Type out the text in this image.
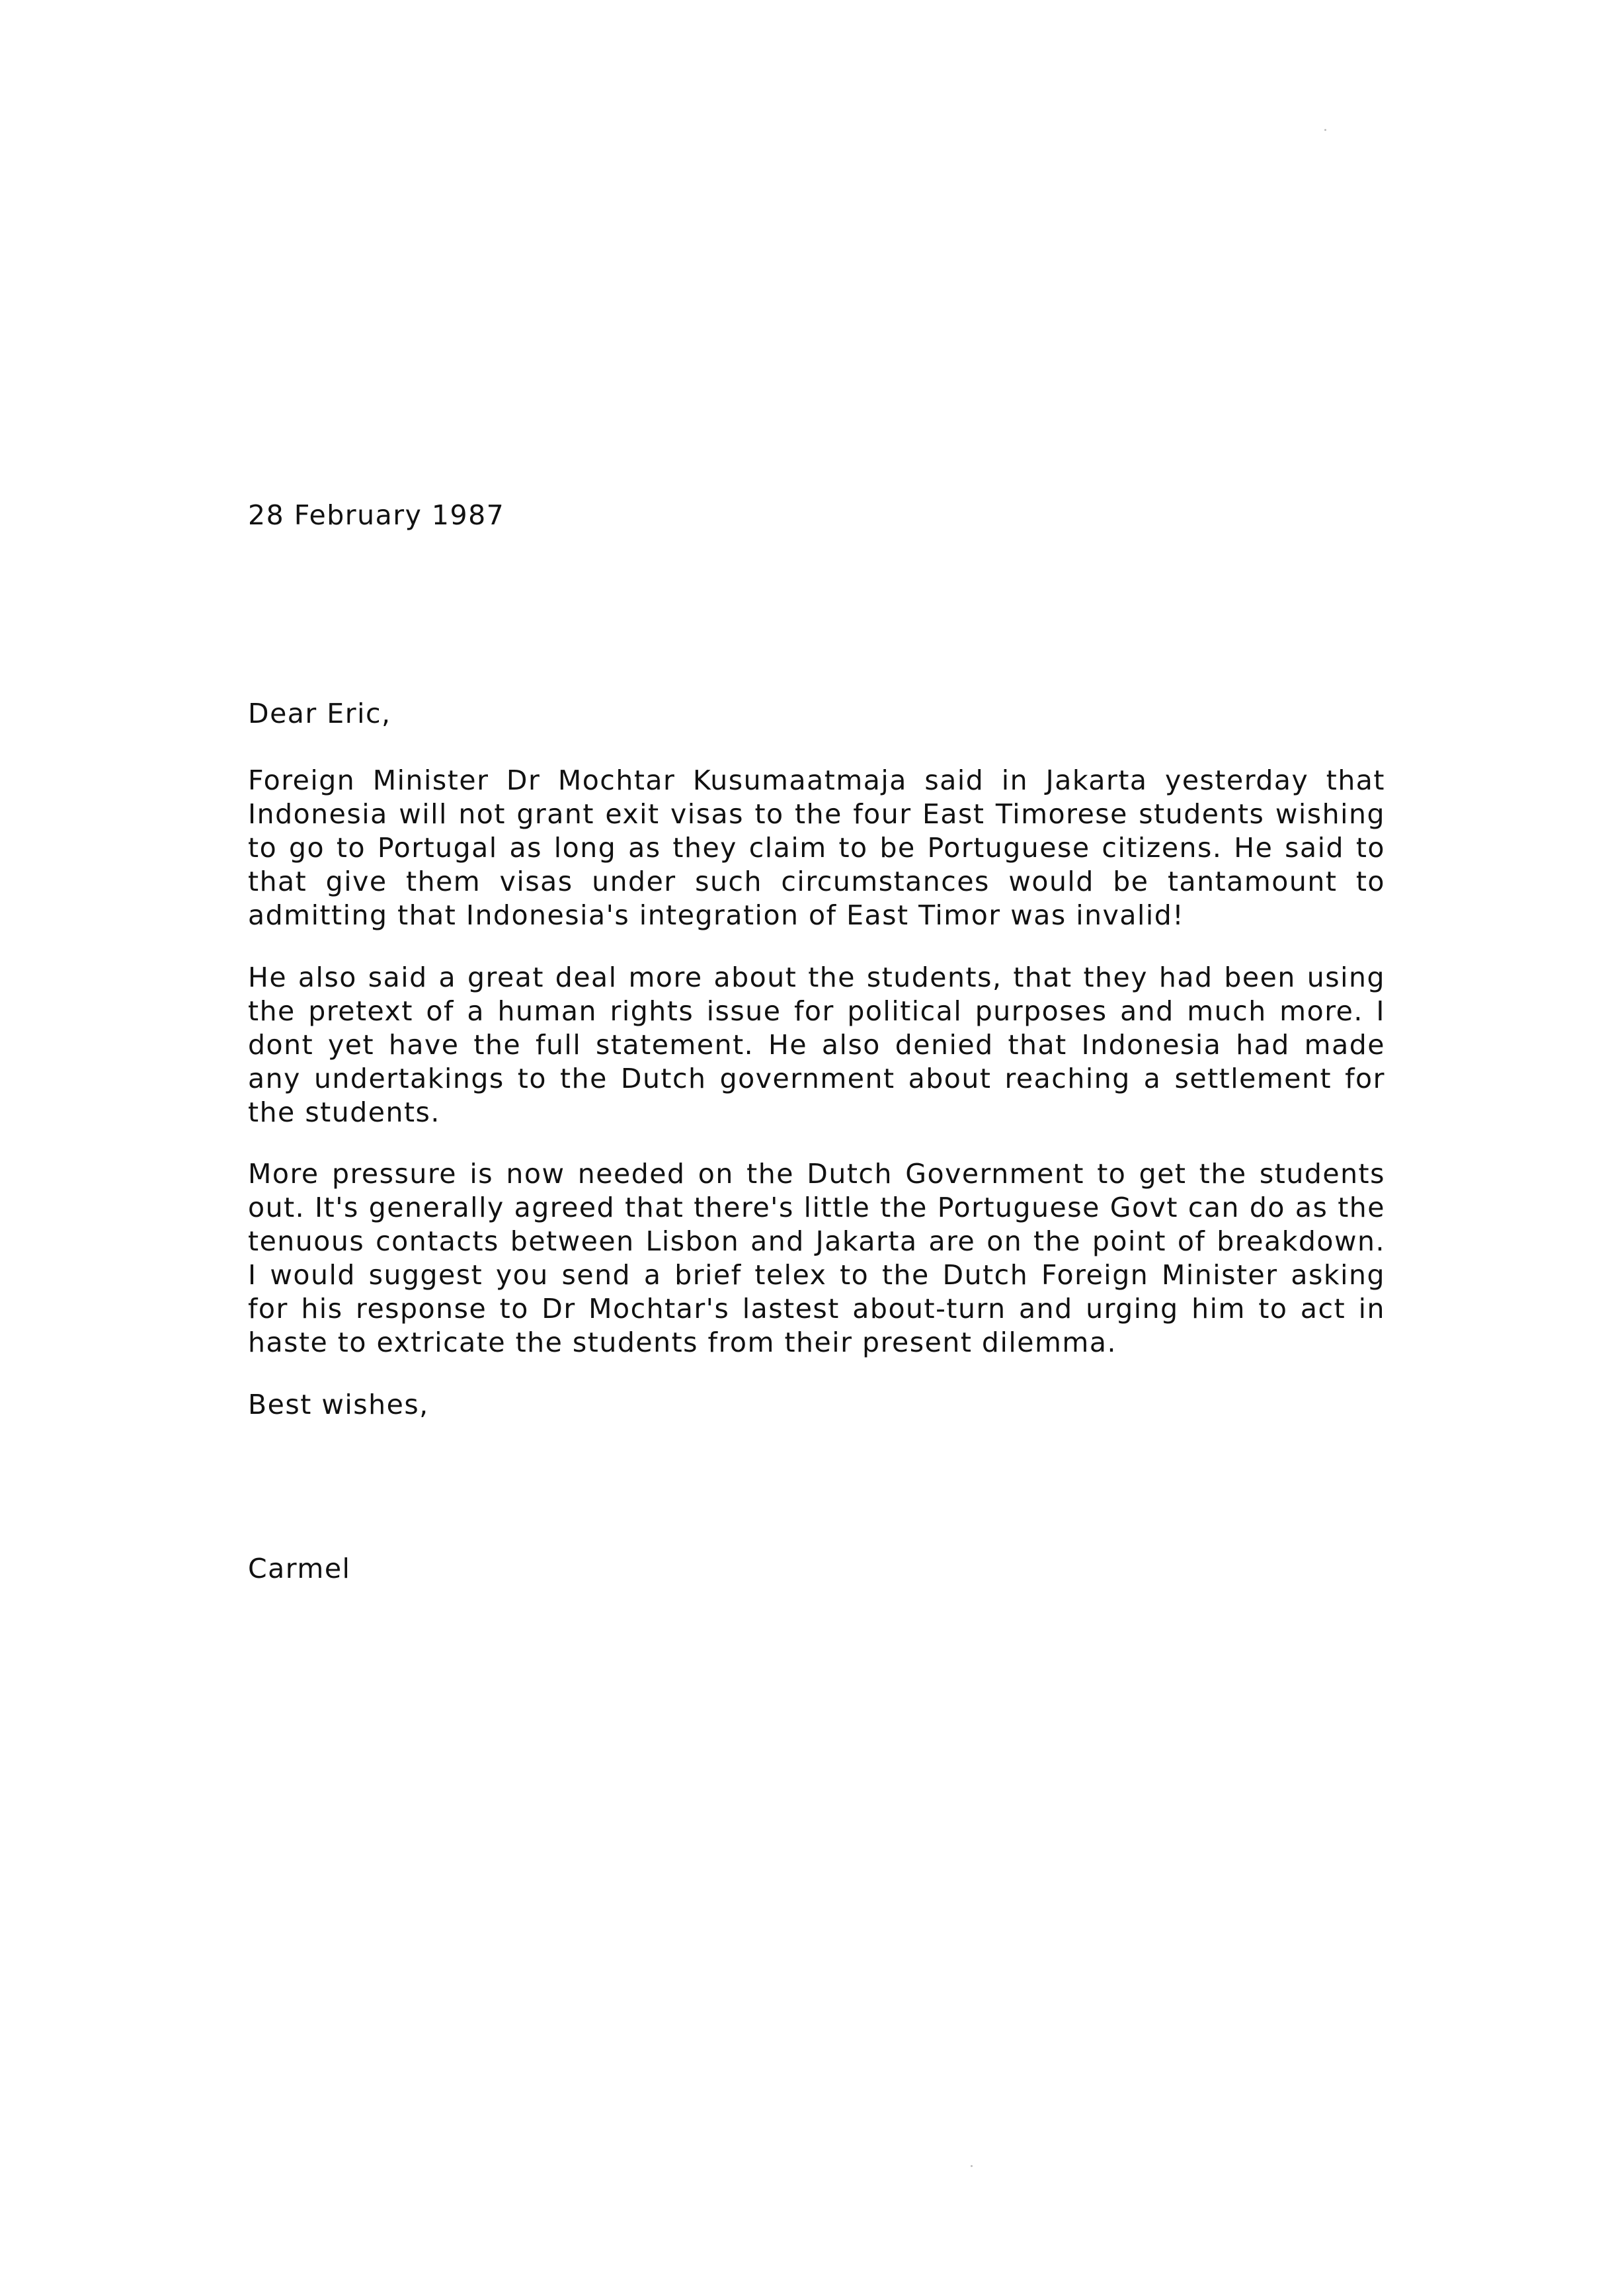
28 February 1987
Dear Eric,

Foreign Minister Dr Mochtar Kusumaatmaja said in Jakarta yesterday that Indonesia will not grant exit visas to the four East Timorese students wishing to go to Portugal as long as they claim to be Portuguese citizens. He said to that give them visas under such circumstances would be tantamount to admitting that Indonesia's integration of East Timor was invalid!

He also said a great deal more about the students, that they had been using the pretext of a human rights issue for political purposes and much more. I dont yet have the full statement. He also denied that Indonesia had made any undertakings to the Dutch government about reaching a settlement for the students.

More pressure is now needed on the Dutch Government to get the students out. It's generally agreed that there's little the Portuguese Govt can do as the tenuous contacts between Lisbon and Jakarta are on the point of breakdown. I would suggest you send a brief telex to the Dutch Foreign Minister asking for his response to Dr Mochtar's lastest about-turn and urging him to act in haste to extricate the students from their present dilemma.

Best wishes,
Carmel
